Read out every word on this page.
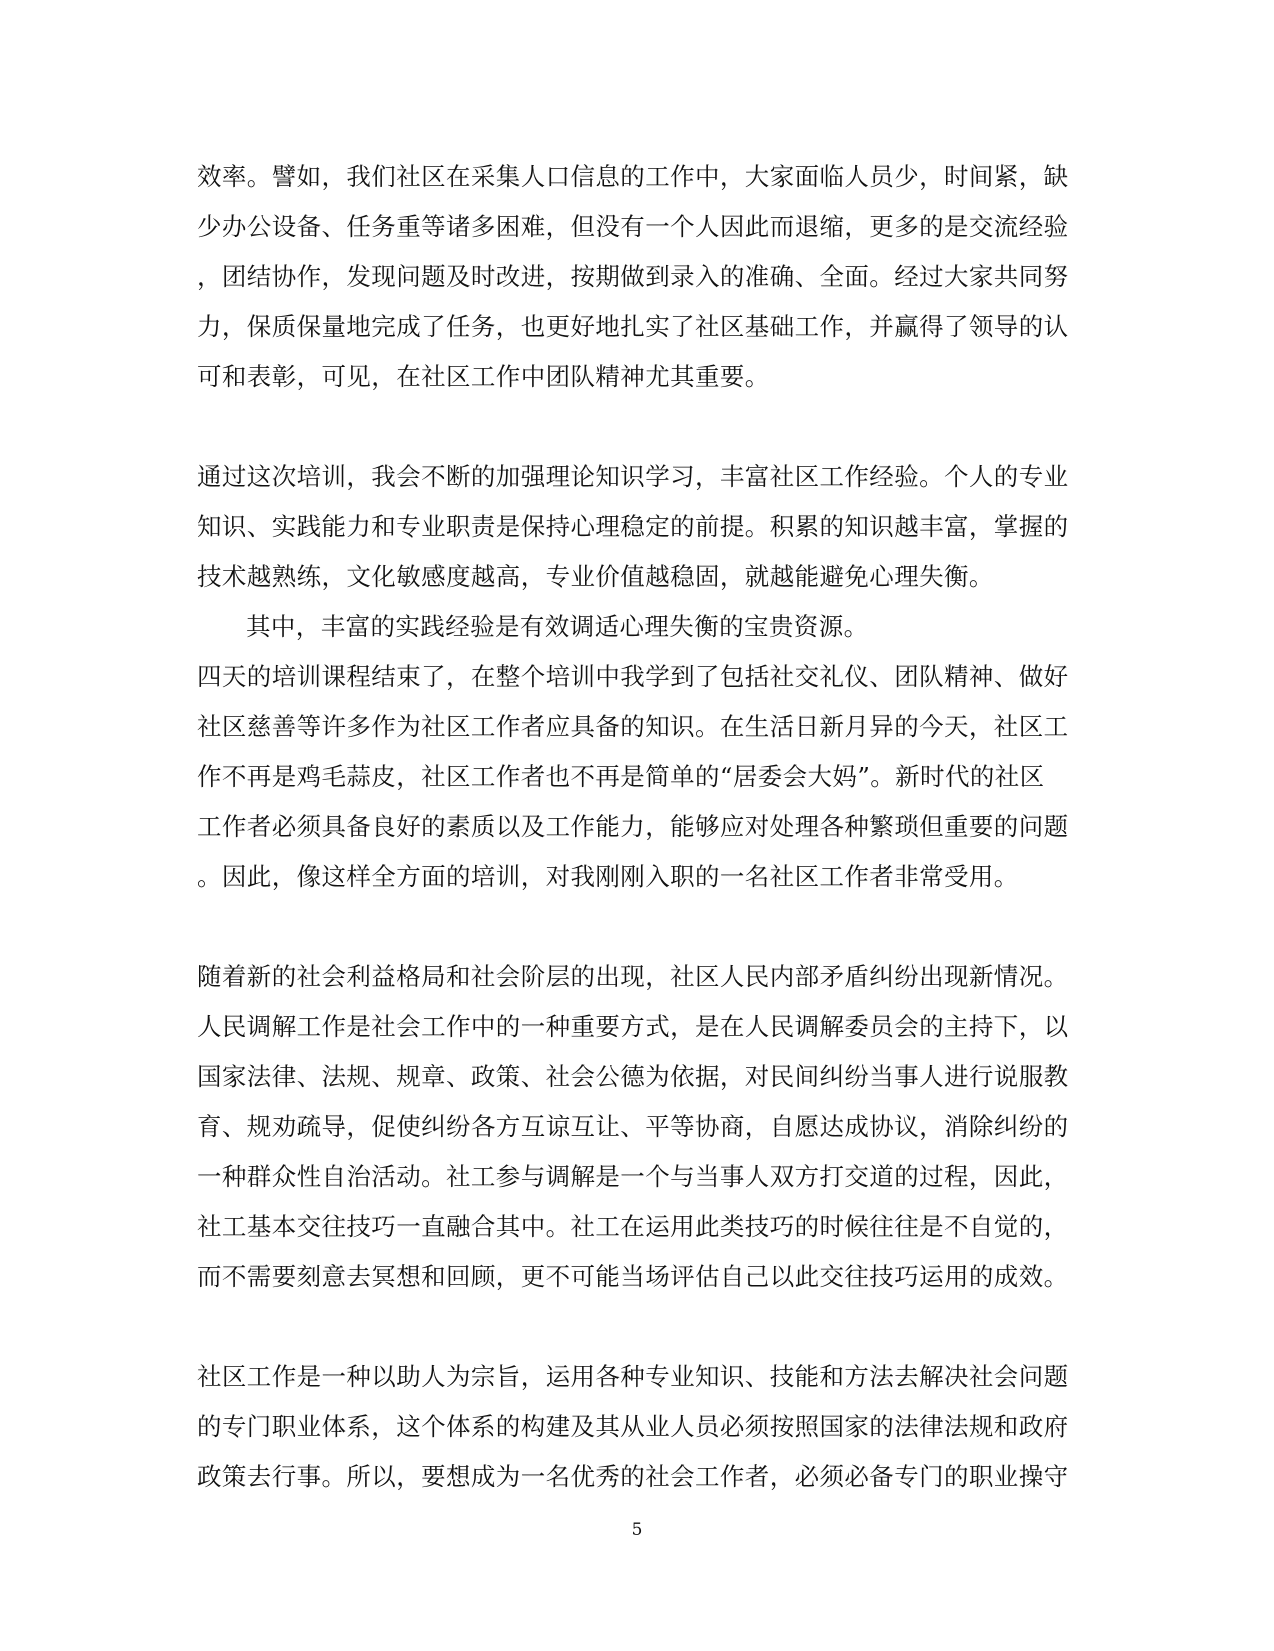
效率。譬如，我们社区在采集人口信息的工作中，大家面临人员少，时间紧，缺
少办公设备、任务重等诸多困难，但没有一个人因此而退缩，更多的是交流经验
，团结协作，发现问题及时改进，按期做到录入的准确、全面。经过大家共同努
力，保质保量地完成了任务，也更好地扎实了社区基础工作，并赢得了领导的认
可和表彰，可见，在社区工作中团队精神尤其重要。
通过这次培训，我会不断的加强理论知识学习，丰富社区工作经验。个人的专业
知识、实践能力和专业职责是保持心理稳定的前提。积累的知识越丰富，掌握的
技术越熟练，文化敏感度越高，专业价值越稳固，就越能避免心理失衡。
其中，丰富的实践经验是有效调适心理失衡的宝贵资源。
四天的培训课程结束了，在整个培训中我学到了包括社交礼仪、团队精神、做好
社区慈善等许多作为社区工作者应具备的知识。在生活日新月异的今天，社区工
作不再是鸡毛蒜皮，社区工作者也不再是简单的“居委会大妈”。新时代的社区
工作者必须具备良好的素质以及工作能力，能够应对处理各种繁琐但重要的问题
。因此，像这样全方面的培训，对我刚刚入职的一名社区工作者非常受用。
随着新的社会利益格局和社会阶层的出现，社区人民内部矛盾纠纷出现新情况。
人民调解工作是社会工作中的一种重要方式，是在人民调解委员会的主持下，以
国家法律、法规、规章、政策、社会公德为依据，对民间纠纷当事人进行说服教
育、规劝疏导，促使纠纷各方互谅互让、平等协商，自愿达成协议，消除纠纷的
一种群众性自治活动。社工参与调解是一个与当事人双方打交道的过程，因此，
社工基本交往技巧一直融合其中。社工在运用此类技巧的时候往往是不自觉的，
而不需要刻意去冥想和回顾，更不可能当场评估自己以此交往技巧运用的成效。
社区工作是一种以助人为宗旨，运用各种专业知识、技能和方法去解决社会问题
的专门职业体系，这个体系的构建及其从业人员必须按照国家的法律法规和政府
政策去行事。所以，要想成为一名优秀的社会工作者，必须必备专门的职业操守
5
